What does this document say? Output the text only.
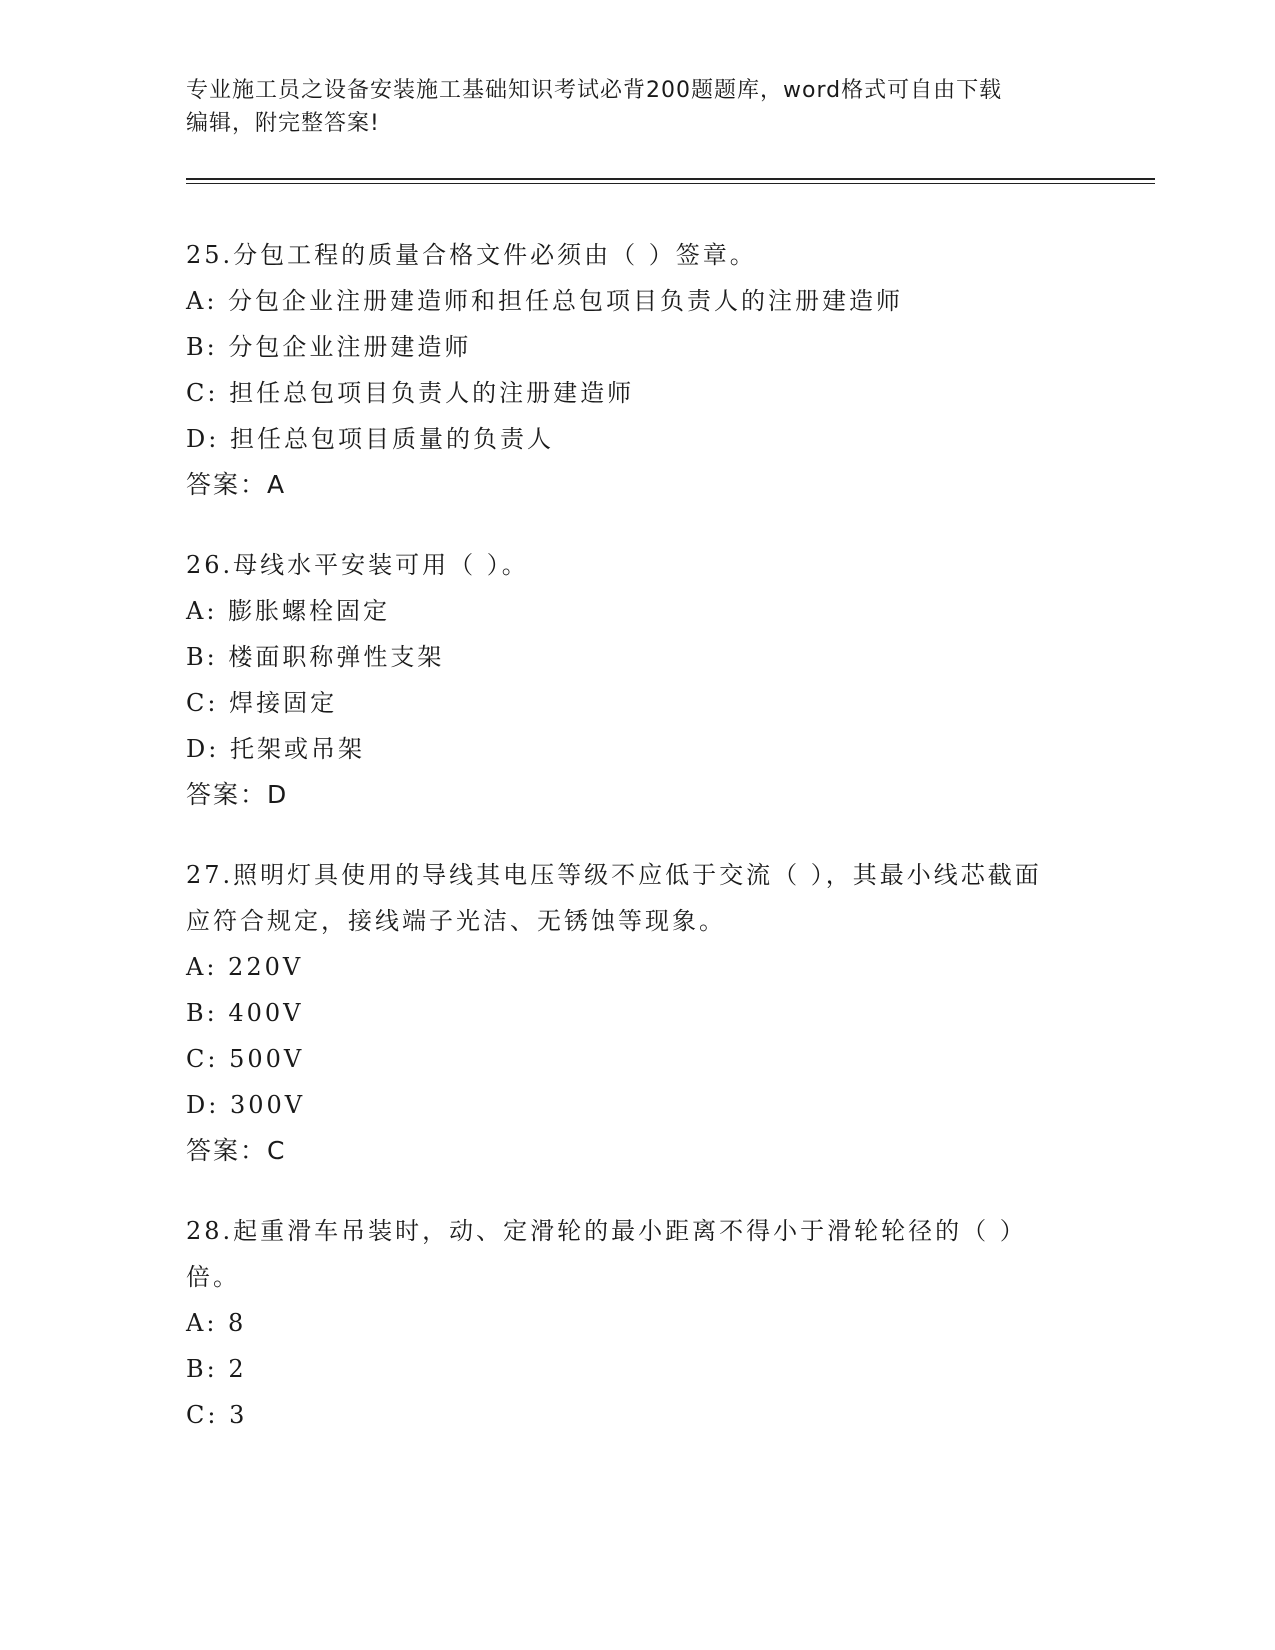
专业施工员之设备安装施工基础知识考试必背200题题库，word格式可自由下载
编辑，附完整答案!
25.分包工程的质量合格文件必须由（ ）签章。
A: 分包企业注册建造师和担任总包项目负责人的注册建造师
B: 分包企业注册建造师
C: 担任总包项目负责人的注册建造师
D: 担任总包项目质量的负责人
答案：A
26.母线水平安装可用（ ）。
A: 膨胀螺栓固定
B: 楼面职称弹性支架
C: 焊接固定
D: 托架或吊架
答案：D
27.照明灯具使用的导线其电压等级不应低于交流（ ），其最小线芯截面应符合规定，接线端子光洁、无锈蚀等现象。
A: 220V
B: 400V
C: 500V
D: 300V
答案：C
28.起重滑车吊装时，动、定滑轮的最小距离不得小于滑轮轮径的（ ）倍。
A: 8
B: 2
C: 3
